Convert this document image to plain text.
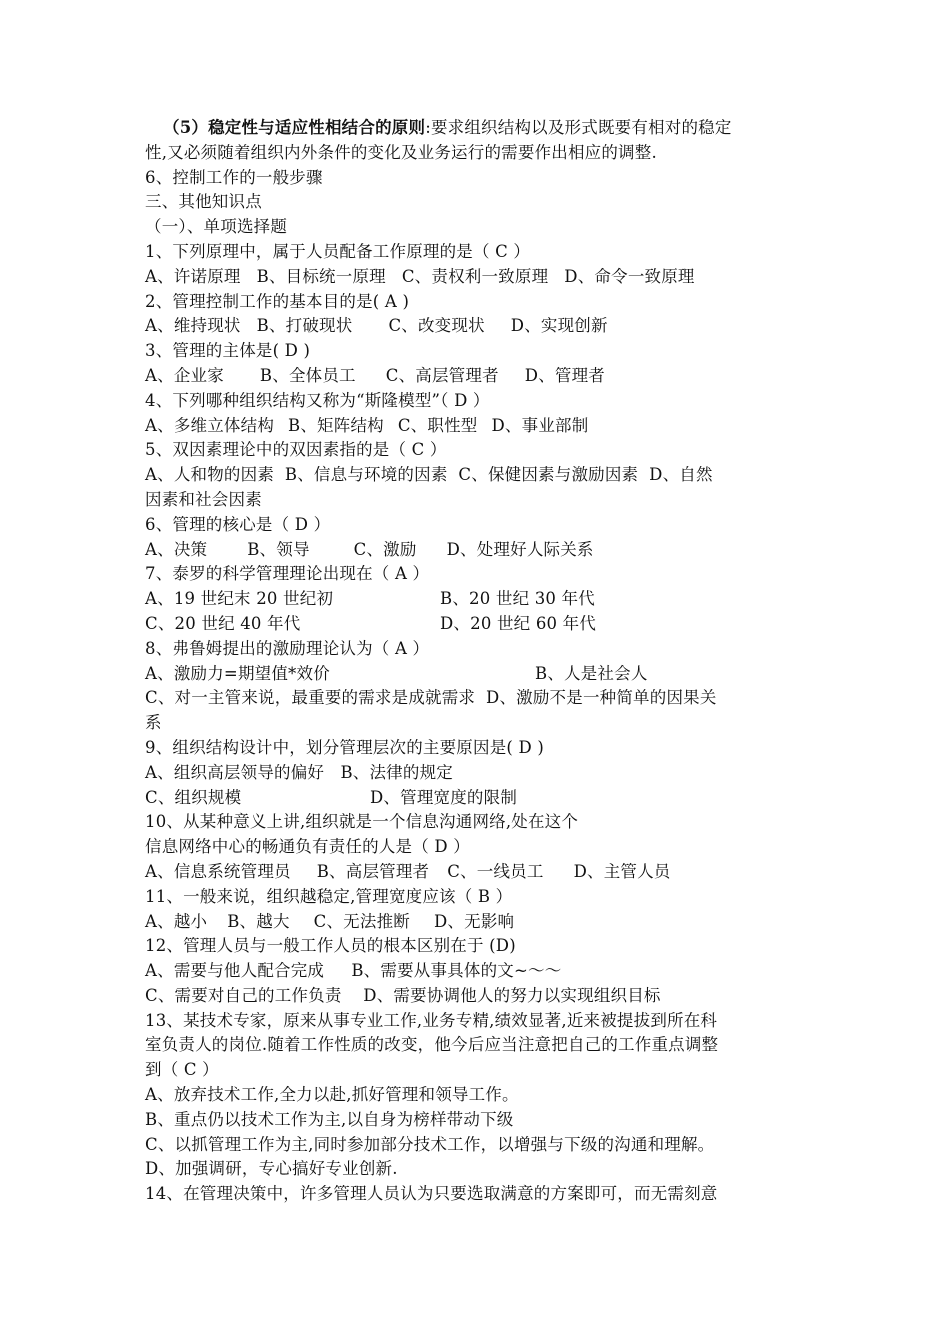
（5）稳定性与适应性相结合的原则:要求组织结构以及形式既要有相对的稳定
性,又必须随着组织内外条件的变化及业务运行的需要作出相应的调整.
6、控制工作的一般步骤
三、其他知识点
（一）、单项选择题
1、下列原理中，属于人员配备工作原理的是（ C ）
A、许诺原理 B、目标统一原理 C、责权利一致原理 D、命令一致原理
2、管理控制工作的基本目的是( A )
A、维持现状 B、打破现状 C、改变现状 D、实现创新
3、管理的主体是( D )
A、企业家 B、全体员工 C、高层管理者 D、管理者
4、下列哪种组织结构又称为“斯隆模型”（ D ）
A、多维立体结构 B、矩阵结构 C、职性型 D、事业部制
5、双因素理论中的双因素指的是（ C ）
A、人和物的因素  B、信息与环境的因素  C、保健因素与激励因素  D、自然
因素和社会因素
6、管理的核心是（ D ）
A、决策 B、领导	C、激励 D、处理好人际关系
7、泰罗的科学管理理论出现在（ A ）
A、19 世纪末 20 世纪初	B、20 世纪 30 年代
C、20 世纪 40 年代	D、20 世纪 60 年代
8、弗鲁姆提出的激励理论认为（ A ）
A、激励力=期望值*效价	B、人是社会人
C、对一主管来说，最重要的需求是成就需求  D、激励不是一种简单的因果关
系
9、组织结构设计中，划分管理层次的主要原因是( D )
A、组织高层领导的偏好   B、法律的规定
C、组织规模	D、管理宽度的限制
10、从某种意义上讲,组织就是一个信息沟通网络,处在这个
信息网络中心的畅通负有责任的人是（ D ）
A、信息系统管理员 B、高层管理者 C、一线员工 D、主管人员
11、一般来说，组织越稳定,管理宽度应该（ B ）
A、越小 B、越大 C、无法推断 D、无影响
12、管理人员与一般工作人员的根本区别在于 (D)
A、需要与他人配合完成     B、需要从事具体的文~～～
C、需要对自己的工作负责    D、需要协调他人的努力以实现组织目标
13、某技术专家，原来从事专业工作,业务专精,绩效显著,近来被提拔到所在科
室负责人的岗位.随着工作性质的改变，他今后应当注意把自己的工作重点调整
到（ C ）
A、放弃技术工作,全力以赴,抓好管理和领导工作。
B、重点仍以技术工作为主,以自身为榜样带动下级
C、以抓管理工作为主,同时参加部分技术工作，以增强与下级的沟通和理解。
D、加强调研，专心搞好专业创新.
14、在管理决策中，许多管理人员认为只要选取满意的方案即可，而无需刻意
